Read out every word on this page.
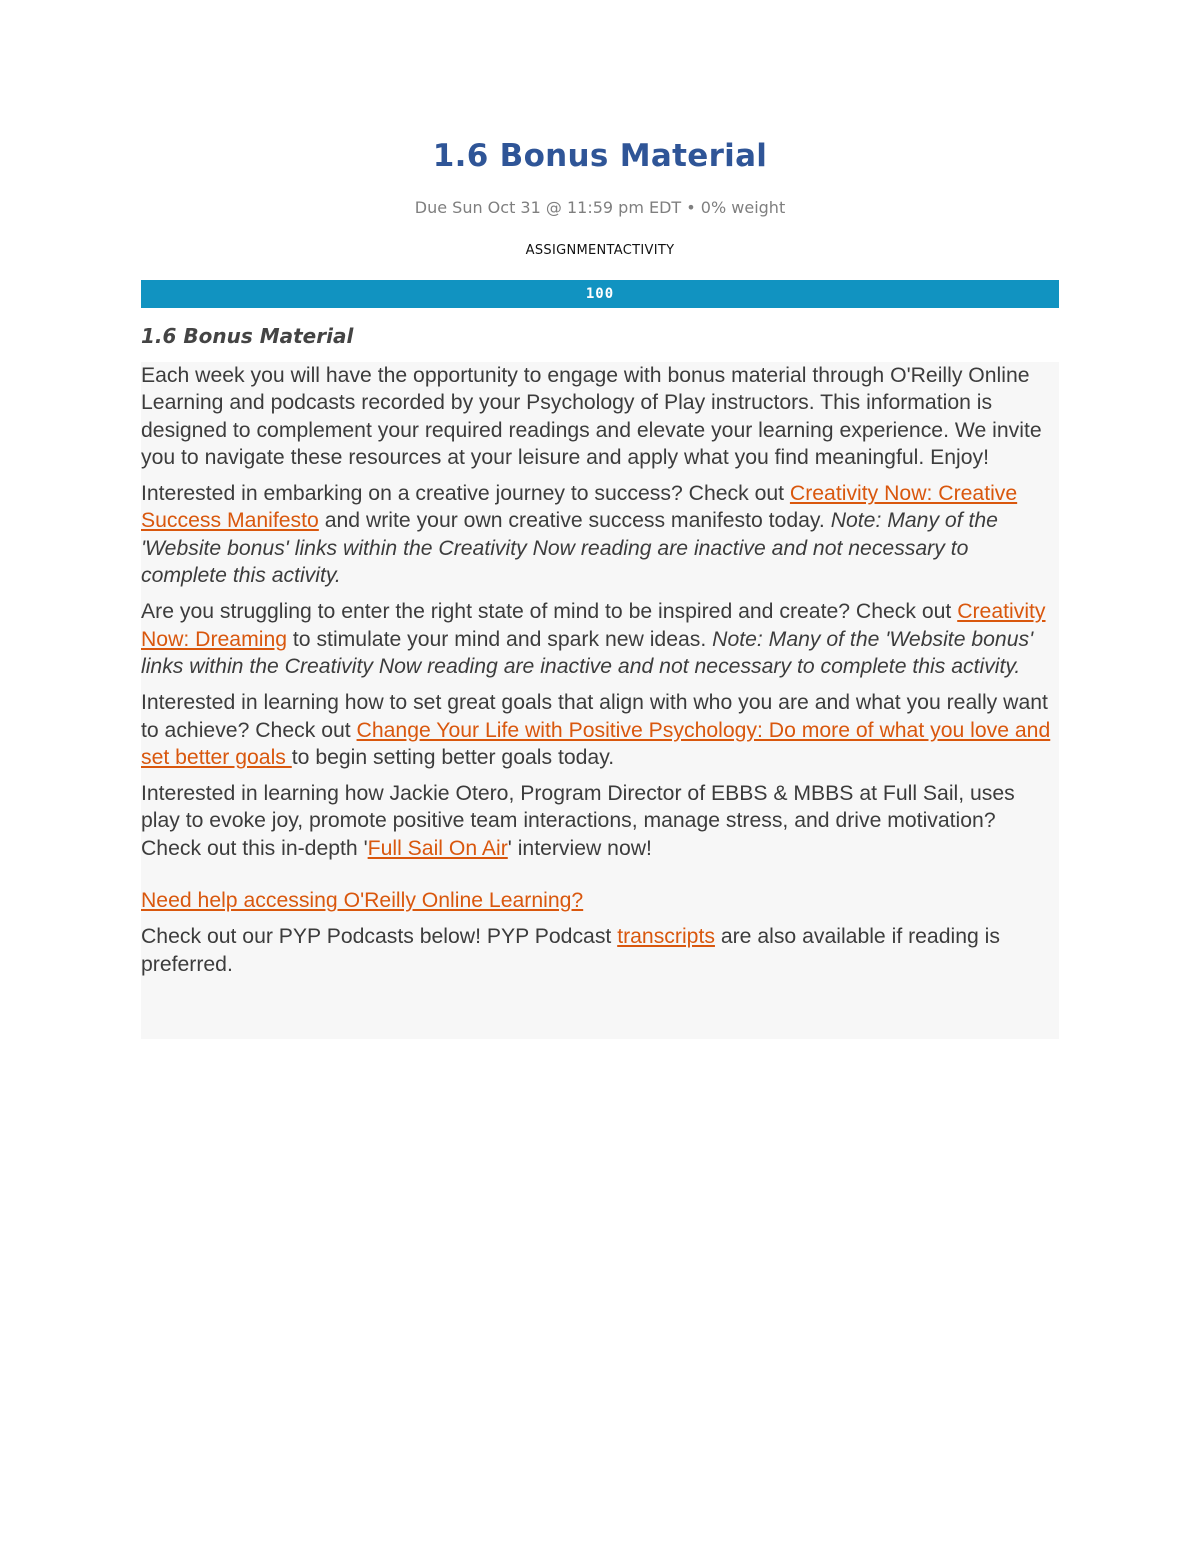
1.6 Bonus Material
Due Sun Oct 31 @ 11:59 pm EDT • 0% weight
ASSIGNMENTACTIVITY
100
1.6 Bonus Material

Each week you will have the opportunity to engage with bonus material through O'Reilly Online Learning and podcasts recorded by your Psychology of Play instructors. This information is designed to complement your required readings and elevate your learning experience. We invite you to navigate these resources at your leisure and apply what you find meaningful. Enjoy!

Interested in embarking on a creative journey to success? Check out Creativity Now: Creative Success Manifesto and write your own creative success manifesto today. Note: Many of the 'Website bonus' links within the Creativity Now reading are inactive and not necessary to complete this activity.

Are you struggling to enter the right state of mind to be inspired and create? Check out Creativity Now: Dreaming to stimulate your mind and spark new ideas. Note: Many of the 'Website bonus' links within the Creativity Now reading are inactive and not necessary to complete this activity.

Interested in learning how to set great goals that align with who you are and what you really want to achieve? Check out Change Your Life with Positive Psychology: Do more of what you love and set better goals to begin setting better goals today.

Interested in learning how Jackie Otero, Program Director of EBBS & MBBS at Full Sail, uses play to evoke joy, promote positive team interactions, manage stress, and drive motivation? Check out this in-depth 'Full Sail On Air' interview now!

Need help accessing O'Reilly Online Learning?

Check out our PYP Podcasts below! PYP Podcast transcripts are also available if reading is preferred.
